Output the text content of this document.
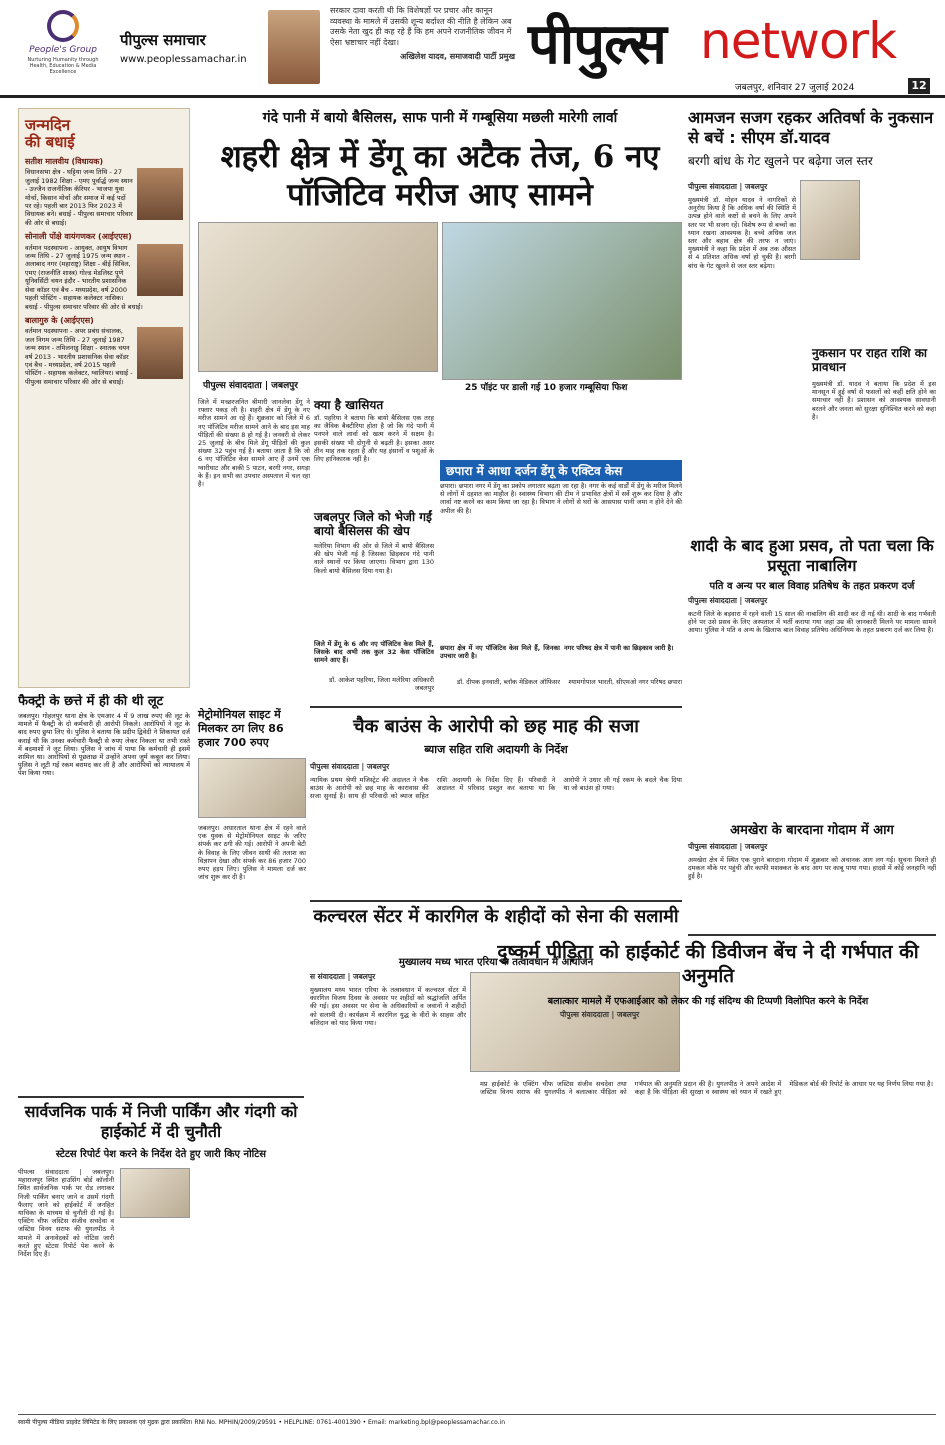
People's Group
Nurturing Humanity through Health, Education & Media Excellence
पीपुल्स समाचार
www.peoplessamachar.in
सरकार दावा करती थी कि विशेषज्ञों पर प्रचार और कानून व्यवस्था के मामले में उसकी शून्य बर्दाश्त की नीति है लेकिन अब उसके नेता खुद ही कह रहे हैं कि हम अपने राजनीतिक जीवन में ऐसा भ्रष्टाचार नहीं देखा।
अखिलेश यादव, समाजवादी पार्टी प्रमुख पीपुल्स network
जबलपुर, शनिवार 27 जुलाई 2024	12
जन्मदिन
की बधाई
सतीश मालवीय (विधायक)
विधानसभा क्षेत्र - घट्टिया जन्म तिथि - 27 जुलाई 1982 शिक्षा - एमए पूर्वार्द्ध जन्म स्थान - उज्जैन राजनीतिक कॅरियर - भाजपा युवा मोर्चा, किसान मोर्चा और समाज में कई पदों पर रहे। पहली बार 2013 फिर 2023 में विधायक बने। बधाई - पीपुल्स समाचार परिवार की ओर से बधाई।
सोनाली पोंक्षे वायंगणकर (आईएएस)
वर्तमान पदस्थापना - आयुक्त, आयुष विभाग जन्म तिथि - 27 जुलाई 1975 जन्म स्थान - अलाबाद नगर (महाराष्ट्र) शिक्षा - बीई सिविल, एमए (राजनीति शास्त्र) गोल्ड मेडलिस्ट पुणे यूनिवर्सिटी चयन इंदौर - भारतीय प्रशासनिक सेवा कॉडर एवं बैच - मध्यप्रदेश, वर्ष 2000 पहली पोस्टिंग - सहायक कलेक्टर नासिक। बधाई - पीपुल्स समाचार परिवार की ओर से बधाई।
बालागुरु के (आईएएस)
वर्तमान पदस्थापना - अपर प्रबंध संचालक, जल निगम जन्म तिथि - 27 जुलाई 1987 जन्म स्थान - तमिलनाडु शिक्षा - स्नातक चयन वर्ष 2013 - भारतीय प्रशासनिक सेवा कॉडर एवं बैच - मध्यप्रदेश, वर्ष 2015 पहली पोस्टिंग - सहायक कलेक्टर, ग्वालियर। बधाई - पीपुल्स समाचार परिवार की ओर से बधाई।
फैक्ट्री के छत्ते में ही की थी लूट

जबलपुर। गोहलपुर थाना क्षेत्र के एमआर 4 में 9 लाख रुपए की लूट के मामले में फैक्ट्री के दो कर्मचारी ही आरोपी निकले। आरोपियों ने लूट के बाद रुपए छुपा लिए थे। पुलिस ने बताया कि प्रदीप द्विवेदी ने शिकायत दर्ज कराई थी कि उनका कर्मचारी फैक्ट्री से रुपए लेकर निकला था तभी रास्ते में बदमाशों ने लूट लिया। पुलिस ने जांच में पाया कि कर्मचारी ही इसमें शामिल था। आरोपियों से पूछताछ में उन्होंने अपना जुर्म कबूल कर लिया। पुलिस ने लूटी गई रकम बरामद कर ली है और आरोपियों को न्यायालय में पेश किया गया।

गंदे पानी में बायो बैसिलस, साफ पानी में गम्बूसिया मछली मारेगी लार्वा
शहरी क्षेत्र में डेंगू का अटैक तेज, 6 नए पॉजिटिव मरीज आए सामने
पीपुल्स संवाददाता | जबलपुर	25 पॉइंट पर डाली गई 10 हजार गम्बूसिया फिश
जिले में मच्छरजनित बीमारी जानलेवा डेंगू ने रफ्तार पकड़ ली है। शहरी क्षेत्र में डेंगू के नए मरीज सामने आ रहे हैं। शुक्रवार को जिले में 6 नए पॉजिटिव मरीज सामने आने के बाद इस माह पीड़ितों की संख्या 8 हो गई है। जनवरी से लेकर 25 जुलाई के बीच मिले डेंगू पीड़ितों की कुल संख्या 32 पहुंच गई है। बताया जाता है कि जो 6 नए पॉजिटिव केस सामने आए हैं उनमें एक ग्वारीघाट और बाकी 5 पाटन, बरगी नगर, सगड़ा के हैं। इन सभी का उपचार अस्पताल में चल रहा है।
क्या है खासियत
डॉ. पहरिया ने बताया कि बायो बैसिलस एक तरह का जैविक बैक्टीरिया होता है जो कि गंदे पानी में पनपने वाले लार्वा को खत्म करने में सक्षम है। इसकी संख्या भी दोगुनी से बढ़ती है। इसका असर तीन माह तक रहता है और यह इंसानों व पशुओं के लिए हानिकारक नहीं है।
जबलपुर जिले को भेजी गईं बायो बैसिलस की खेप
मलेरिया विभाग की ओर से जिले में बायो बैसिलस की खेप भेजी गई है जिसका छिड़काव गंदे पानी वाले स्थानों पर किया जाएगा। विभाग द्वारा 130 किलो बायो बैसिलस दिया गया है।
जिले में डेंगू के 6 और नए पॉजिटिव केस मिले हैं, जिसके बाद अभी तक कुल 32 केस पॉजिटिव सामने आए हैं।
डॉ. आकेश पहरिया, जिला मलेरिया अधिकारी जबलपुर
छपारा में आधा दर्जन डेंगू के एक्टिव केस
छपारा। छपारा नगर में डेंगू का प्रकोप लगातार बढ़ता जा रहा है। नगर के कई वार्डों में डेंगू के मरीज मिलने से लोगों में दहशत का माहौल है। स्वास्थ्य विभाग की टीम ने प्रभावित क्षेत्रों में सर्वे शुरू कर दिया है और लार्वा नष्ट करने का काम किया जा रहा है। विभाग ने लोगों से घरों के आसपास पानी जमा न होने देने की अपील की है।
छपारा क्षेत्र में नए पॉजिटिव केस मिले हैं, जिनका उपचार जारी है।
डॉ. दीपक इनवाती, ब्लॉक मेडिकल ऑफिसर
नगर परिषद क्षेत्र में पानी का छिड़काव जारी है।
श्यामगोपाल भारती, सीएमओ नगर परिषद छपारा
आमजन सजग रहकर अतिवर्षा के नुकसान से बचें : सीएम डॉ.यादव
बरगी बांध के गेट खुलने पर बढ़ेगा जल स्तर
पीपुल्स संवाददाता | जबलपुर
मुख्यमंत्री डॉ. मोहन यादव ने नागरिकों से अनुरोध किया है कि अधिक वर्षा की स्थिति में उत्पन्न होने वाले कष्टों से बचने के लिए अपने स्तर पर भी सजग रहें। विशेष रूप से बच्चों का ध्यान रखना आवश्यक है। बच्चे अधिक जल स्तर और बहाव क्षेत्र की तरफ न जाएं। मुख्यमंत्री ने कहा कि प्रदेश में अब तक औसत से 4 प्रतिशत अधिक वर्षा हो चुकी है। बरगी बांध के गेट खुलने से जल स्तर बढ़ेगा।
नुकसान पर राहत राशि का प्रावधान
मुख्यमंत्री डॉ. यादव ने बताया कि प्रदेश में इस मानसून में हुई वर्षा से फसलों को कहीं क्षति होने का समाचार नहीं है। प्रशासन को आवश्यक सावधानी बरतने और जनता को सुरक्षा सुनिश्चित करने को कहा है।
शादी के बाद हुआ प्रसव, तो पता चला कि प्रसूता नाबालिग
पति व अन्य पर बाल विवाह प्रतिषेध के तहत प्रकरण दर्ज
पीपुल्स संवाददाता | जबलपुर
कटनी जिले के बड़वारा में रहने वाली 15 साल की नाबालिग की शादी कर दी गई थी। शादी के बाद गर्भवती होने पर उसे प्रसव के लिए अस्पताल में भर्ती कराया गया जहां उम्र की जानकारी मिलने पर मामला सामने आया। पुलिस ने पति व अन्य के खिलाफ बाल विवाह प्रतिषेध अधिनियम के तहत प्रकरण दर्ज कर लिया है।
अमखेरा के बारदाना गोदाम में आग
पीपुल्स संवाददाता | जबलपुर
अमखेरा क्षेत्र में स्थित एक पुराने बारदाना गोदाम में शुक्रवार को अचानक आग लग गई। सूचना मिलते ही दमकल मौके पर पहुंची और काफी मशक्कत के बाद आग पर काबू पाया गया। हादसे में कोई जनहानि नहीं हुई है।
चैक बाउंस के आरोपी को छह माह की सजा
ब्याज सहित राशि अदायगी के निर्देश
पीपुल्स संवाददाता | जबलपुर
न्यायिक प्रथम श्रेणी मजिस्ट्रेट की अदालत ने चैक बाउंस के आरोपी को छह माह के कारावास की सजा सुनाई है। साथ ही परिवादी को ब्याज सहित राशि अदायगी के निर्देश दिए हैं। परिवादी ने अदालत में परिवाद प्रस्तुत कर बताया था कि आरोपी ने उधार ली गई रकम के बदले चैक दिया था जो बाउंस हो गया।
मेट्रोमोनियल साइट में मिलकर ठग लिए 86 हजार 700 रुपए
जबलपुर। अधारताल थाना क्षेत्र में रहने वाले एक युवक से मेट्रोमोनियल साइट के जरिए संपर्क कर ठगी की गई। आरोपी ने अपनी बेटी के विवाह के लिए जीवन साथी की तलाश का विज्ञापन देखा और संपर्क कर 86 हजार 700 रुपए हड़प लिए। पुलिस ने मामला दर्ज कर जांच शुरू कर दी है।
सार्वजनिक पार्क में निजी पार्किंग और गंदगी को हाईकोर्ट में दी चुनौती
स्टेटस रिपोर्ट पेश करने के निर्देश देते हुए जारी किए नोटिस
पीपल्स संवाददाता | जबलपुर। महाराजपुर स्थित हाउसिंग बोर्ड कॉलोनी स्थित सार्वजनिक पार्क पर रोड लगाकर निजी पार्किंग बनाए जाने व उसमें गंदगी फैलाए जाने को हाईकोर्ट में जनहित याचिका के माध्यम से चुनौती दी गई है। एक्टिंग चीफ जस्टिस संजीव सचदेवा व जस्टिस विनय सराफ की युगलपीठ ने मामले में अनावेदकों को नोटिस जारी करते हुए स्टेटस रिपोर्ट पेश करने के निर्देश दिए हैं।
कल्चरल सेंटर में कारगिल के शहीदों को सेना की सलामी
मुख्यालय मध्य भारत एरिया के तत्वावधान में आयोजन
स संवाददाता | जबलपुर
मुख्यालय मध्य भारत एरिया के तत्वावधान में कल्चरल सेंटर में कारगिल विजय दिवस के अवसर पर शहीदों को श्रद्धांजलि अर्पित की गई। इस अवसर पर सेना के अधिकारियों व जवानों ने शहीदों को सलामी दी। कार्यक्रम में कारगिल युद्ध के वीरों के साहस और बलिदान को याद किया गया।
दुष्कर्म पीड़िता को हाईकोर्ट की डिवीजन बेंच ने दी गर्भपात की अनुमति
बलात्कार मामले में एफआईआर को लेकर की गई संदिग्ध की टिप्पणी विलोपित करने के निर्देश
पीपुल्स संवाददाता | जबलपुर
मप्र हाईकोर्ट के एक्टिंग चीफ जस्टिस संजीव सचदेवा तथा जस्टिस विनय सराफ की युगलपीठ ने बलात्कार पीड़िता को गर्भपात की अनुमति प्रदान की है। युगलपीठ ने अपने आदेश में कहा है कि पीड़िता की सुरक्षा व स्वास्थ्य को ध्यान में रखते हुए मेडिकल बोर्ड की रिपोर्ट के आधार पर यह निर्णय लिया गया है।
स्वामी पीपुल्स मीडिया प्राइवेट लिमिटेड के लिए प्रकाशक एवं मुद्रक द्वारा प्रकाशित। RNI No. MPHIN/2009/29591 • HELPLINE: 0761-4001390 • Email: marketing.bpl@peoplessamachar.co.in
